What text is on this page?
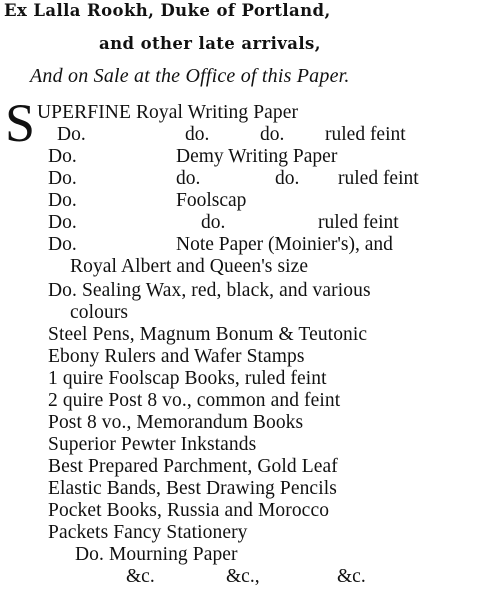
Ex Lalla Rookh, Duke of Portland,
and other late arrivals,
And on Sale at the Office of this Paper.
S UPERFINE Royal Writing Paper
Do.	do.	do. ruled feint
Do.	Demy Writing Paper
Do.	do.	do. ruled feint
Do.	Foolscap
Do.	do.	ruled feint
Do.	Note Paper (Moinier's), and
Royal Albert and Queen's size
Do. Sealing Wax, red, black, and various
colours
Steel Pens, Magnum Bonum & Teutonic
Ebony Rulers and Wafer Stamps
1 quire Foolscap Books, ruled feint
2 quire Post 8 vo., common and feint
Post 8 vo., Memorandum Books
Superior Pewter Inkstands
Best Prepared Parchment, Gold Leaf
Elastic Bands, Best Drawing Pencils
Pocket Books, Russia and Morocco
Packets Fancy Stationery
Do. Mourning Paper
&c.	&c.,	&c.
